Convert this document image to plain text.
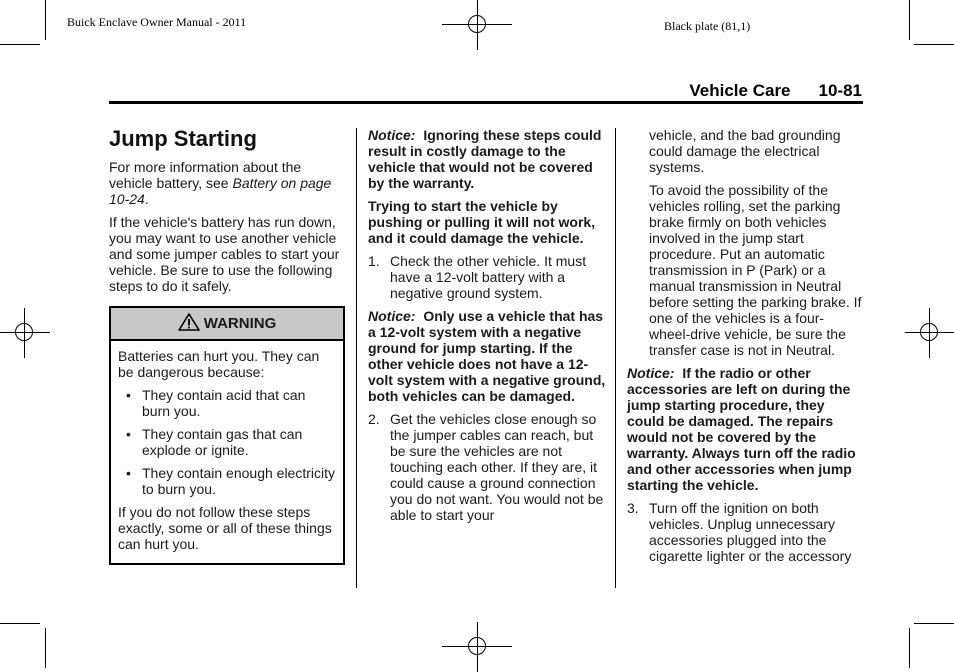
Buick Enclave Owner Manual - 2011	Black plate (81,1)
Vehicle Care 10-81
Jump Starting

For more information about the vehicle battery, see Battery on page 10-24.

If the vehicle's battery has run down, you may want to use another vehicle and some jumper cables to start your vehicle. Be sure to use the following steps to do it safely.

WARNING

Batteries can hurt you. They can be dangerous because:

• They contain acid that can burn you.
• They contain gas that can explode or ignite.
• They contain enough electricity to burn you.

If you do not follow these steps exactly, some or all of these things can hurt you.

Notice: Ignoring these steps could result in costly damage to the vehicle that would not be covered by the warranty.

Trying to start the vehicle by pushing or pulling it will not work, and it could damage the vehicle.

1. Check the other vehicle. It must have a 12-volt battery with a negative ground system.

Notice: Only use a vehicle that has a 12-volt system with a negative ground for jump starting. If the other vehicle does not have a 12-volt system with a negative ground, both vehicles can be damaged.

2. Get the vehicles close enough so the jumper cables can reach, but be sure the vehicles are not touching each other. If they are, it could cause a ground connection you do not want. You would not be able to start your

vehicle, and the bad grounding could damage the electrical systems.

To avoid the possibility of the vehicles rolling, set the parking brake firmly on both vehicles involved in the jump start procedure. Put an automatic transmission in P (Park) or a manual transmission in Neutral before setting the parking brake. If one of the vehicles is a four-wheel-drive vehicle, be sure the transfer case is not in Neutral.

Notice: If the radio or other accessories are left on during the jump starting procedure, they could be damaged. The repairs would not be covered by the warranty. Always turn off the radio and other accessories when jump starting the vehicle.

3. Turn off the ignition on both vehicles. Unplug unnecessary accessories plugged into the cigarette lighter or the accessory
